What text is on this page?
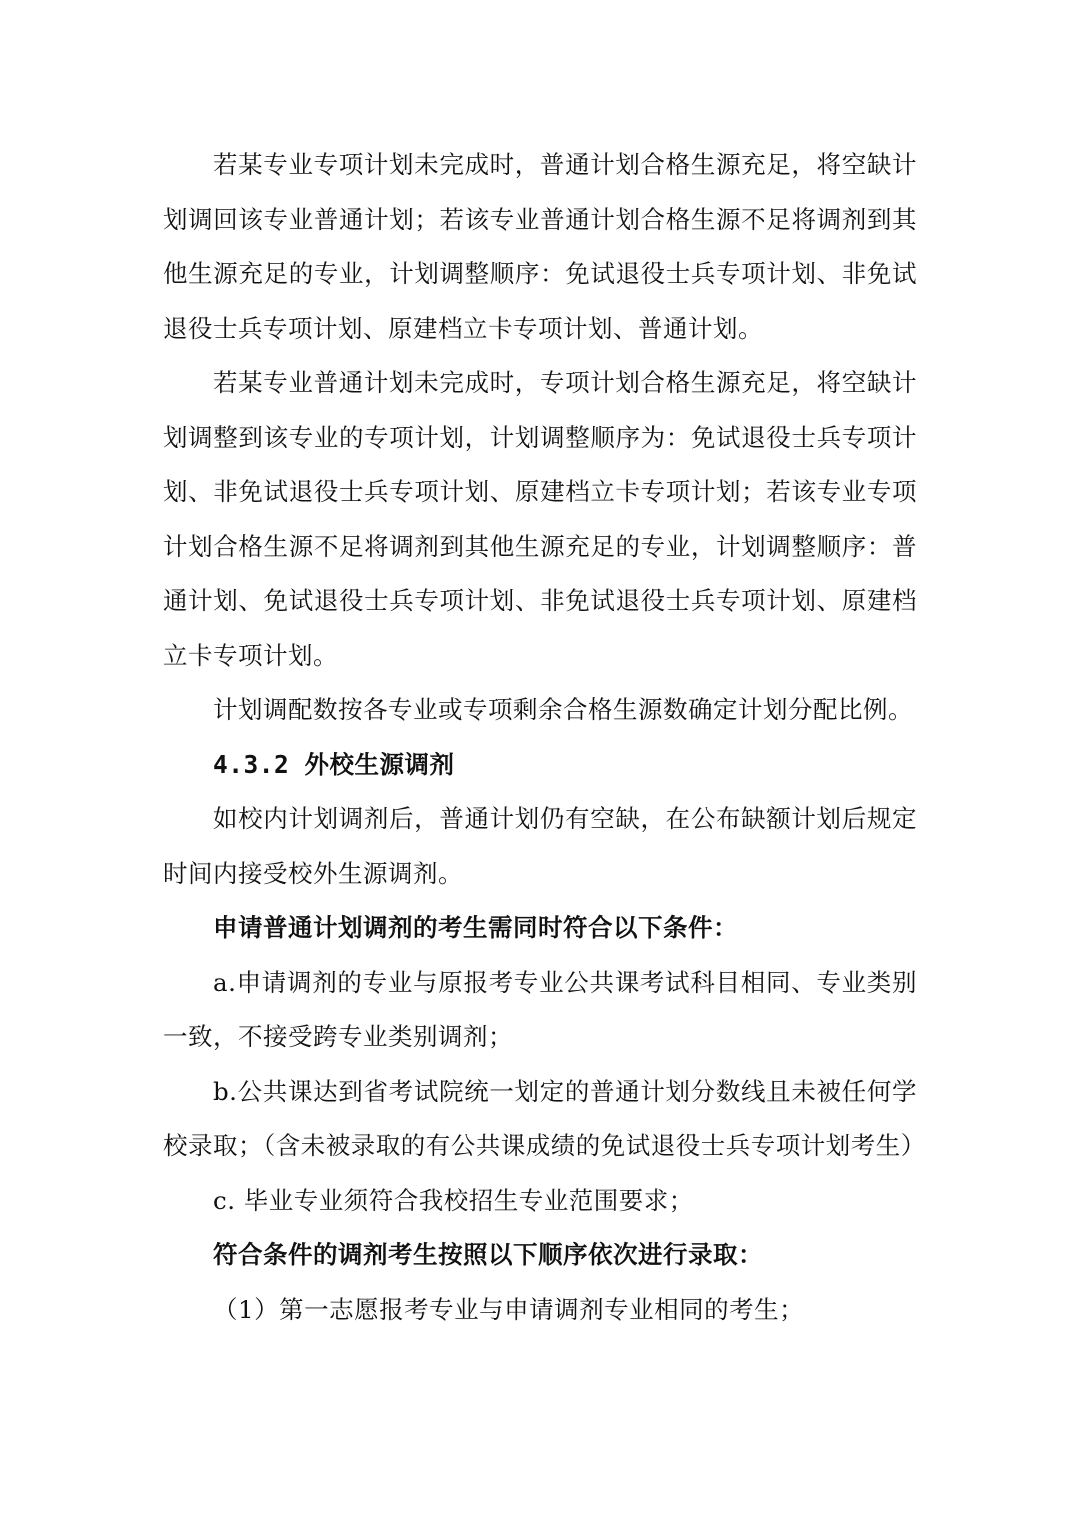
若某专业专项计划未完成时，普通计划合格生源充足，将空缺计划调回该专业普通计划；若该专业普通计划合格生源不足将调剂到其他生源充足的专业，计划调整顺序：免试退役士兵专项计划、非免试退役士兵专项计划、原建档立卡专项计划、普通计划。

若某专业普通计划未完成时，专项计划合格生源充足，将空缺计划调整到该专业的专项计划，计划调整顺序为：免试退役士兵专项计划、非免试退役士兵专项计划、原建档立卡专项计划；若该专业专项计划合格生源不足将调剂到其他生源充足的专业，计划调整顺序：普通计划、免试退役士兵专项计划、非免试退役士兵专项计划、原建档立卡专项计划。

计划调配数按各专业或专项剩余合格生源数确定计划分配比例。

4.3.2 外校生源调剂

如校内计划调剂后，普通计划仍有空缺，在公布缺额计划后规定时间内接受校外生源调剂。

申请普通计划调剂的考生需同时符合以下条件：

a.申请调剂的专业与原报考专业公共课考试科目相同、专业类别一致，不接受跨专业类别调剂；

b.公共课达到省考试院统一划定的普通计划分数线且未被任何学校录取；（含未被录取的有公共课成绩的免试退役士兵专项计划考生）

c. 毕业专业须符合我校招生专业范围要求；

符合条件的调剂考生按照以下顺序依次进行录取：

（1）第一志愿报考专业与申请调剂专业相同的考生；
